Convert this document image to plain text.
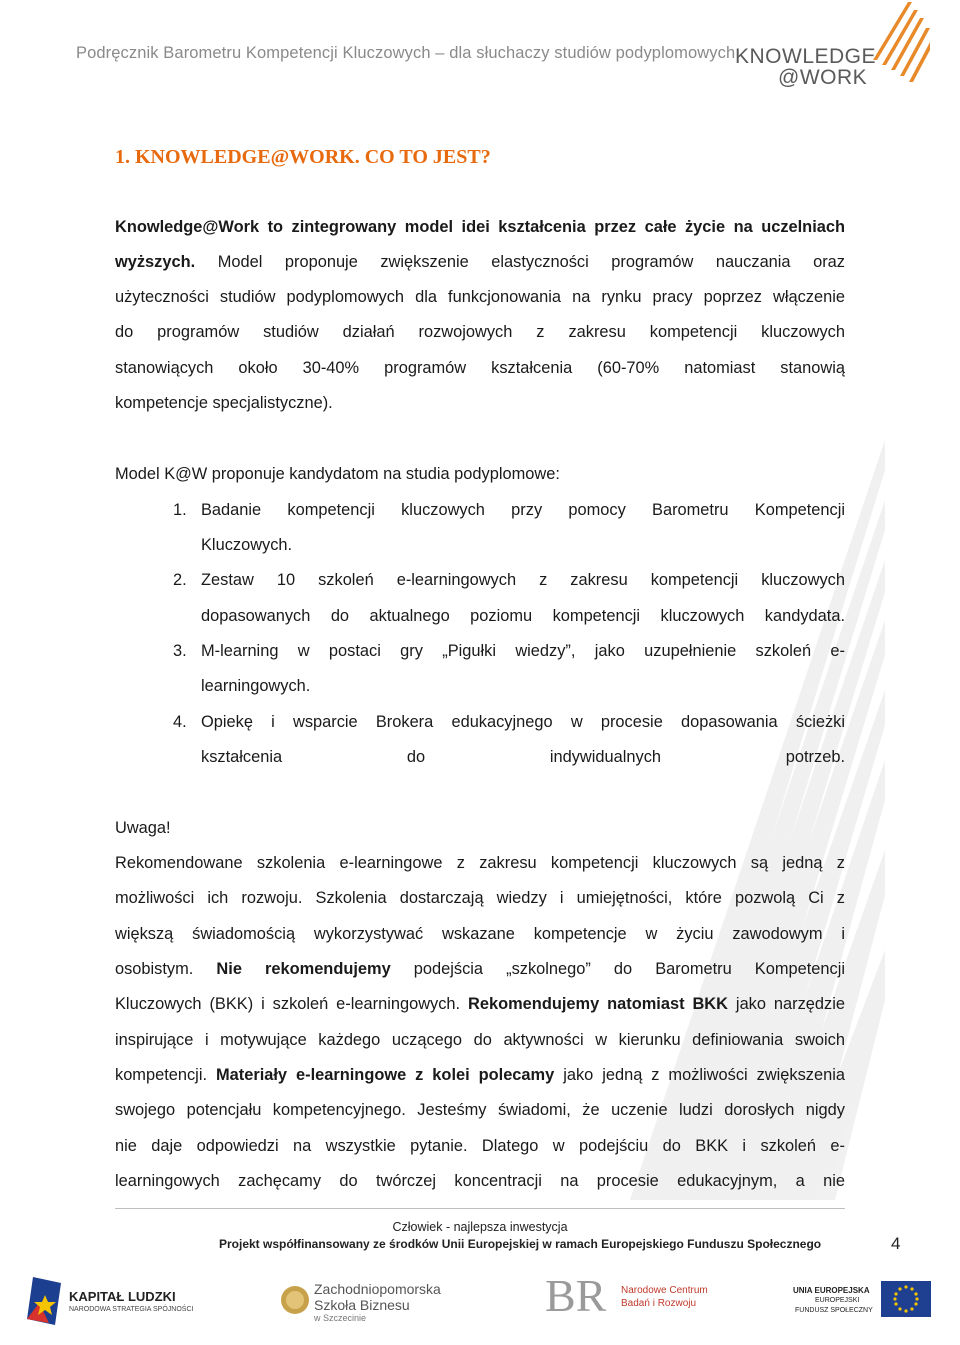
Podręcznik Barometru Kompetencji Kluczowych – dla słuchaczy studiów podyplomowych KNOWLEDGE
@WORK
1. KNOWLEDGE@WORK. CO TO JEST?
Knowledge@Work to zintegrowany model idei kształcenia przez całe życie na uczelniach
wyższych. Model proponuje zwiększenie elastyczności programów nauczania oraz
użyteczności studiów podyplomowych dla funkcjonowania na rynku pracy poprzez włączenie
do programów studiów działań rozwojowych z zakresu kompetencji kluczowych
stanowiących około 30-40% programów kształcenia (60-70% natomiast stanowią
kompetencje specjalistyczne).
Model K@W proponuje kandydatom na studia podyplomowe:
1. Badanie kompetencji kluczowych przy pomocy Barometru Kompetencji
Kluczowych.
2. Zestaw 10 szkoleń e-learningowych z zakresu kompetencji kluczowych
dopasowanych do aktualnego poziomu kompetencji kluczowych kandydata.
3. M-learning w postaci gry „Pigułki wiedzy”, jako uzupełnienie szkoleń e-
learningowych.
4. Opiekę i wsparcie Brokera edukacyjnego w procesie dopasowania ścieżki
kształcenia do indywidualnych potrzeb.
Uwaga!
Rekomendowane szkolenia e-learningowe z zakresu kompetencji kluczowych są jedną z
możliwości ich rozwoju. Szkolenia dostarczają wiedzy i umiejętności, które pozwolą Ci z
większą świadomością wykorzystywać wskazane kompetencje w życiu zawodowym i
osobistym. Nie rekomendujemy podejścia „szkolnego” do Barometru Kompetencji
Kluczowych (BKK) i szkoleń e-learningowych. Rekomendujemy natomiast BKK jako narzędzie
inspirujące i motywujące każdego uczącego do aktywności w kierunku definiowania swoich
kompetencji. Materiały e-learningowe z kolei polecamy jako jedną z możliwości zwiększenia
swojego potencjału kompetencyjnego. Jesteśmy świadomi, że uczenie ludzi dorosłych nigdy
nie daje odpowiedzi na wszystkie pytanie. Dlatego w podejściu do BKK i szkoleń e-
learningowych zachęcamy do twórczej koncentracji na procesie edukacyjnym, a nie
Człowiek - najlepsza inwestycja
Projekt współfinansowany ze środków Unii Europejskiej w ramach Europejskiego Funduszu Społecznego	4
KAPITAŁ LUDZKI
NARODOWA STRATEGIA SPÓJNOŚCI
Zachodniopomorska
Szkoła Biznesu
w Szczecinie	BR Narodowe Centrum
Badań i Rozwoju
UNIA EUROPEJSKA
EUROPEJSKI
FUNDUSZ SPOŁECZNY
